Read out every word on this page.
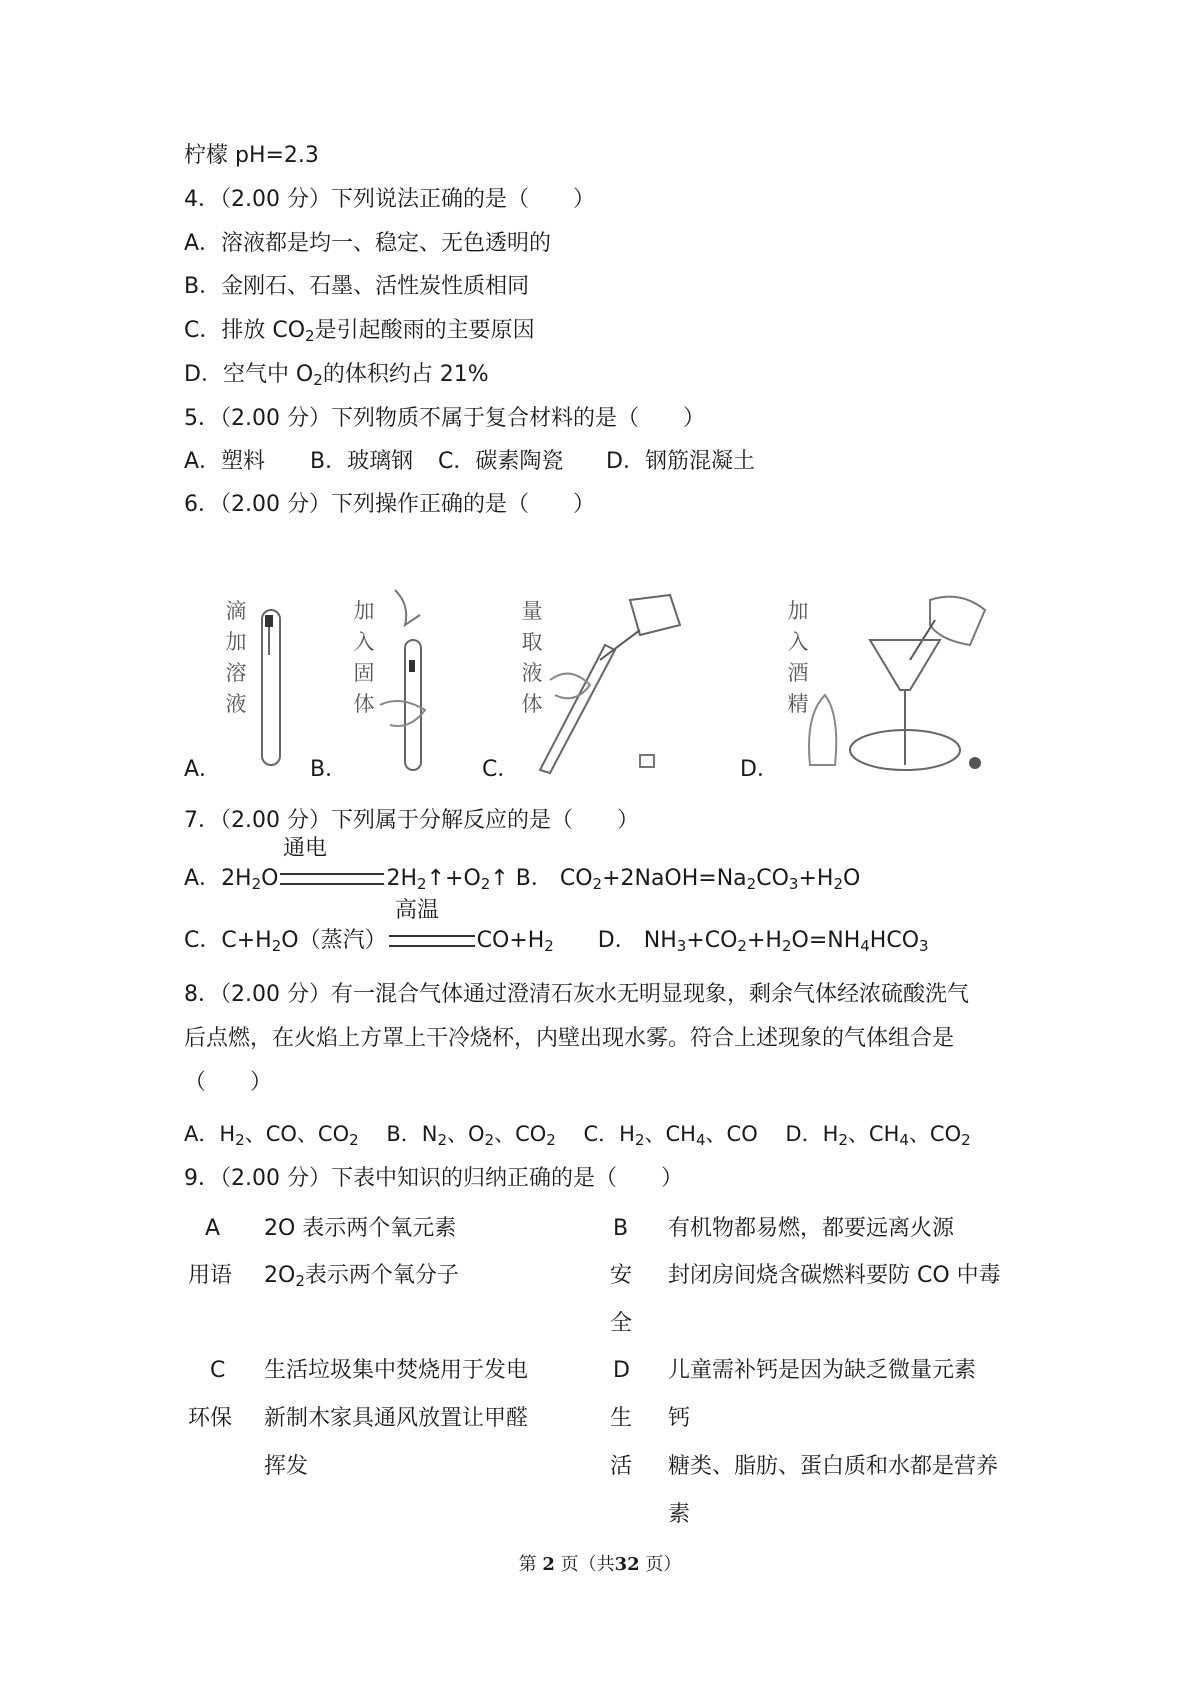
柠檬 pH=2.3
4．（2.00 分）下列说法正确的是（　　）
A．溶液都是均一、稳定、无色透明的
B．金刚石、石墨、活性炭性质相同
C．排放 $CO_2$是引起酸雨的主要原因
D．空气中 $O_2$的体积约占 21%
5．（2.00 分）下列物质不属于复合材料的是（　　）
A．塑料 B．玻璃钢 C．碳素陶瓷 D．钢筋混凝土
6．（2.00 分）下列操作正确的是（　　）
滴加溶液
加入固体
量取液体
加入酒精
A．	B．	C．	D．
7．（2.00 分）下列属于分解反应的是（　　）
A．$2H_2O$	$2H_2↑+O_2↑$ B． $CO_2+2NaOH=Na_2CO_3+H_2O$
通电
C．$C+H_2O$（蒸汽）	$CO+H_2$　　 D． $NH_3+CO_2+H_2O=NH_4HCO_3$
高温
8．（2.00 分）有一混合气体通过澄清石灰水无明显现象，剩余气体经浓硫酸洗气
后点燃，在火焰上方罩上干冷烧杯，内壁出现水雾。符合上述现象的气体组合是
（　　）
A．$H_2$、CO、$CO_2$　 B．$N_2$、$O_2$、$CO_2$　 C．$H_2$、$CH_4$、CO　 D．$H_2$、$CH_4$、$CO_2$
9．（2.00 分）下表中知识的归纳正确的是（　　）
A 2O 表示两个氧元素	B 有机物都易燃，都要远离火源
用语 $2O_2$表示两个氧分子	安 封闭房间烧含碳燃料要防 CO 中毒
全
C 生活垃圾集中焚烧用于发电	D 儿童需补钙是因为缺乏微量元素
环保 新制木家具通风放置让甲醛	生 钙
挥发	活 糖类、脂肪、蛋白质和水都是营养
素
第 2 页（共32 页）
